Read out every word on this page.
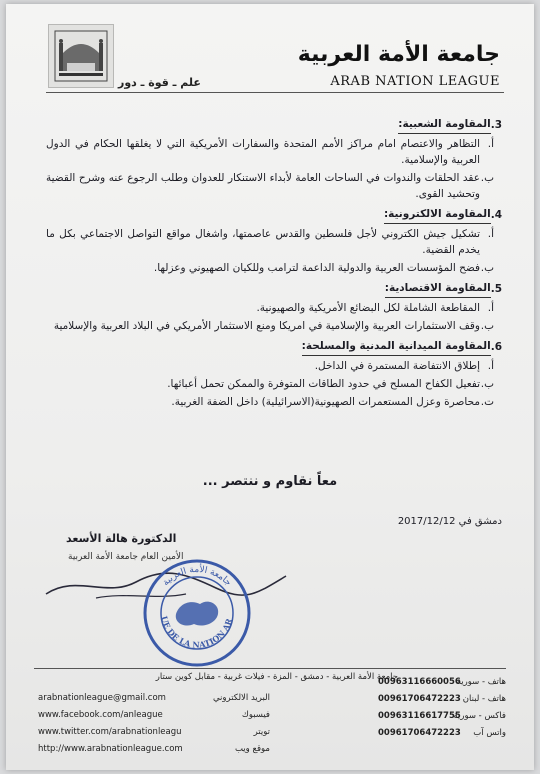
علم ـ قوة ـ دور
جامعة الأمة العربية
ARAB NATION LEAGUE
3.
المقاومة الشعبية:
أ.
التظاهر والاعتصام امام مراكز الأمم المتحدة والسفارات الأمريكية التي لا يغلقها الحكام في الدول العربية والإسلامية.
ب.
عقد الحلقات والندوات في الساحات العامة لأبداء الاستنكار للعدوان وطلب الرجوع عنه وشرح القضية وتحشيد القوى.
4.
المقاومة الالكترونية:
أ.
تشكيل جيش الكتروني لأجل فلسطين والقدس عاصمتها، واشغال مواقع التواصل الاجتماعي بكل ما يخدم القضية.
ب.
فضح المؤسسات العربية والدولية الداعمة لترامب وللكيان الصهيوني وعزلها.
5.
المقاومة الاقتصادية:
أ.
المقاطعة الشاملة لكل البضائع الأمريكية والصهيونية.
ب.
وقف الاستثمارات العربية والإسلامية في امريكا ومنع الاستثمار الأمريكي في البلاد العربية والإسلامية
6.
المقاومة الميدانية المدنية والمسلحة:
أ.
إطلاق الانتفاضة المستمرة في الداخل.
ب.
تفعيل الكفاح المسلح في حدود الطاقات المتوفرة والممكن تحمل أعبائها.
ت.
محاصرة وعزل المستعمرات الصهيونية(الاسرائيلية) داخل الضفة الغربية.
معاً نقاوم و ننتصر ...
دمشق في 2017/12/12
الدكتورة هالة الأسعد
الأمين العام جامعة الأمة العربية
جامعة الأمة العربية
UE DE LA NATION AR
جامعة الأمة العربية - دمشق - المزة - فيلات غربية - مقابل كوين ستار
arabnationleague@gmail.com
www.facebook.com/anleague
www.twitter.com/arabnationleagu
http://www.arabnationleague.com
البريد الالكتروني
فيسبوك
تويتر
موقع ويب
00963116660056
00961706472223
00963116617755
00961706472223
هاتف - سورية
هاتف - لبنان
فاكس - سورية
واتس آب
